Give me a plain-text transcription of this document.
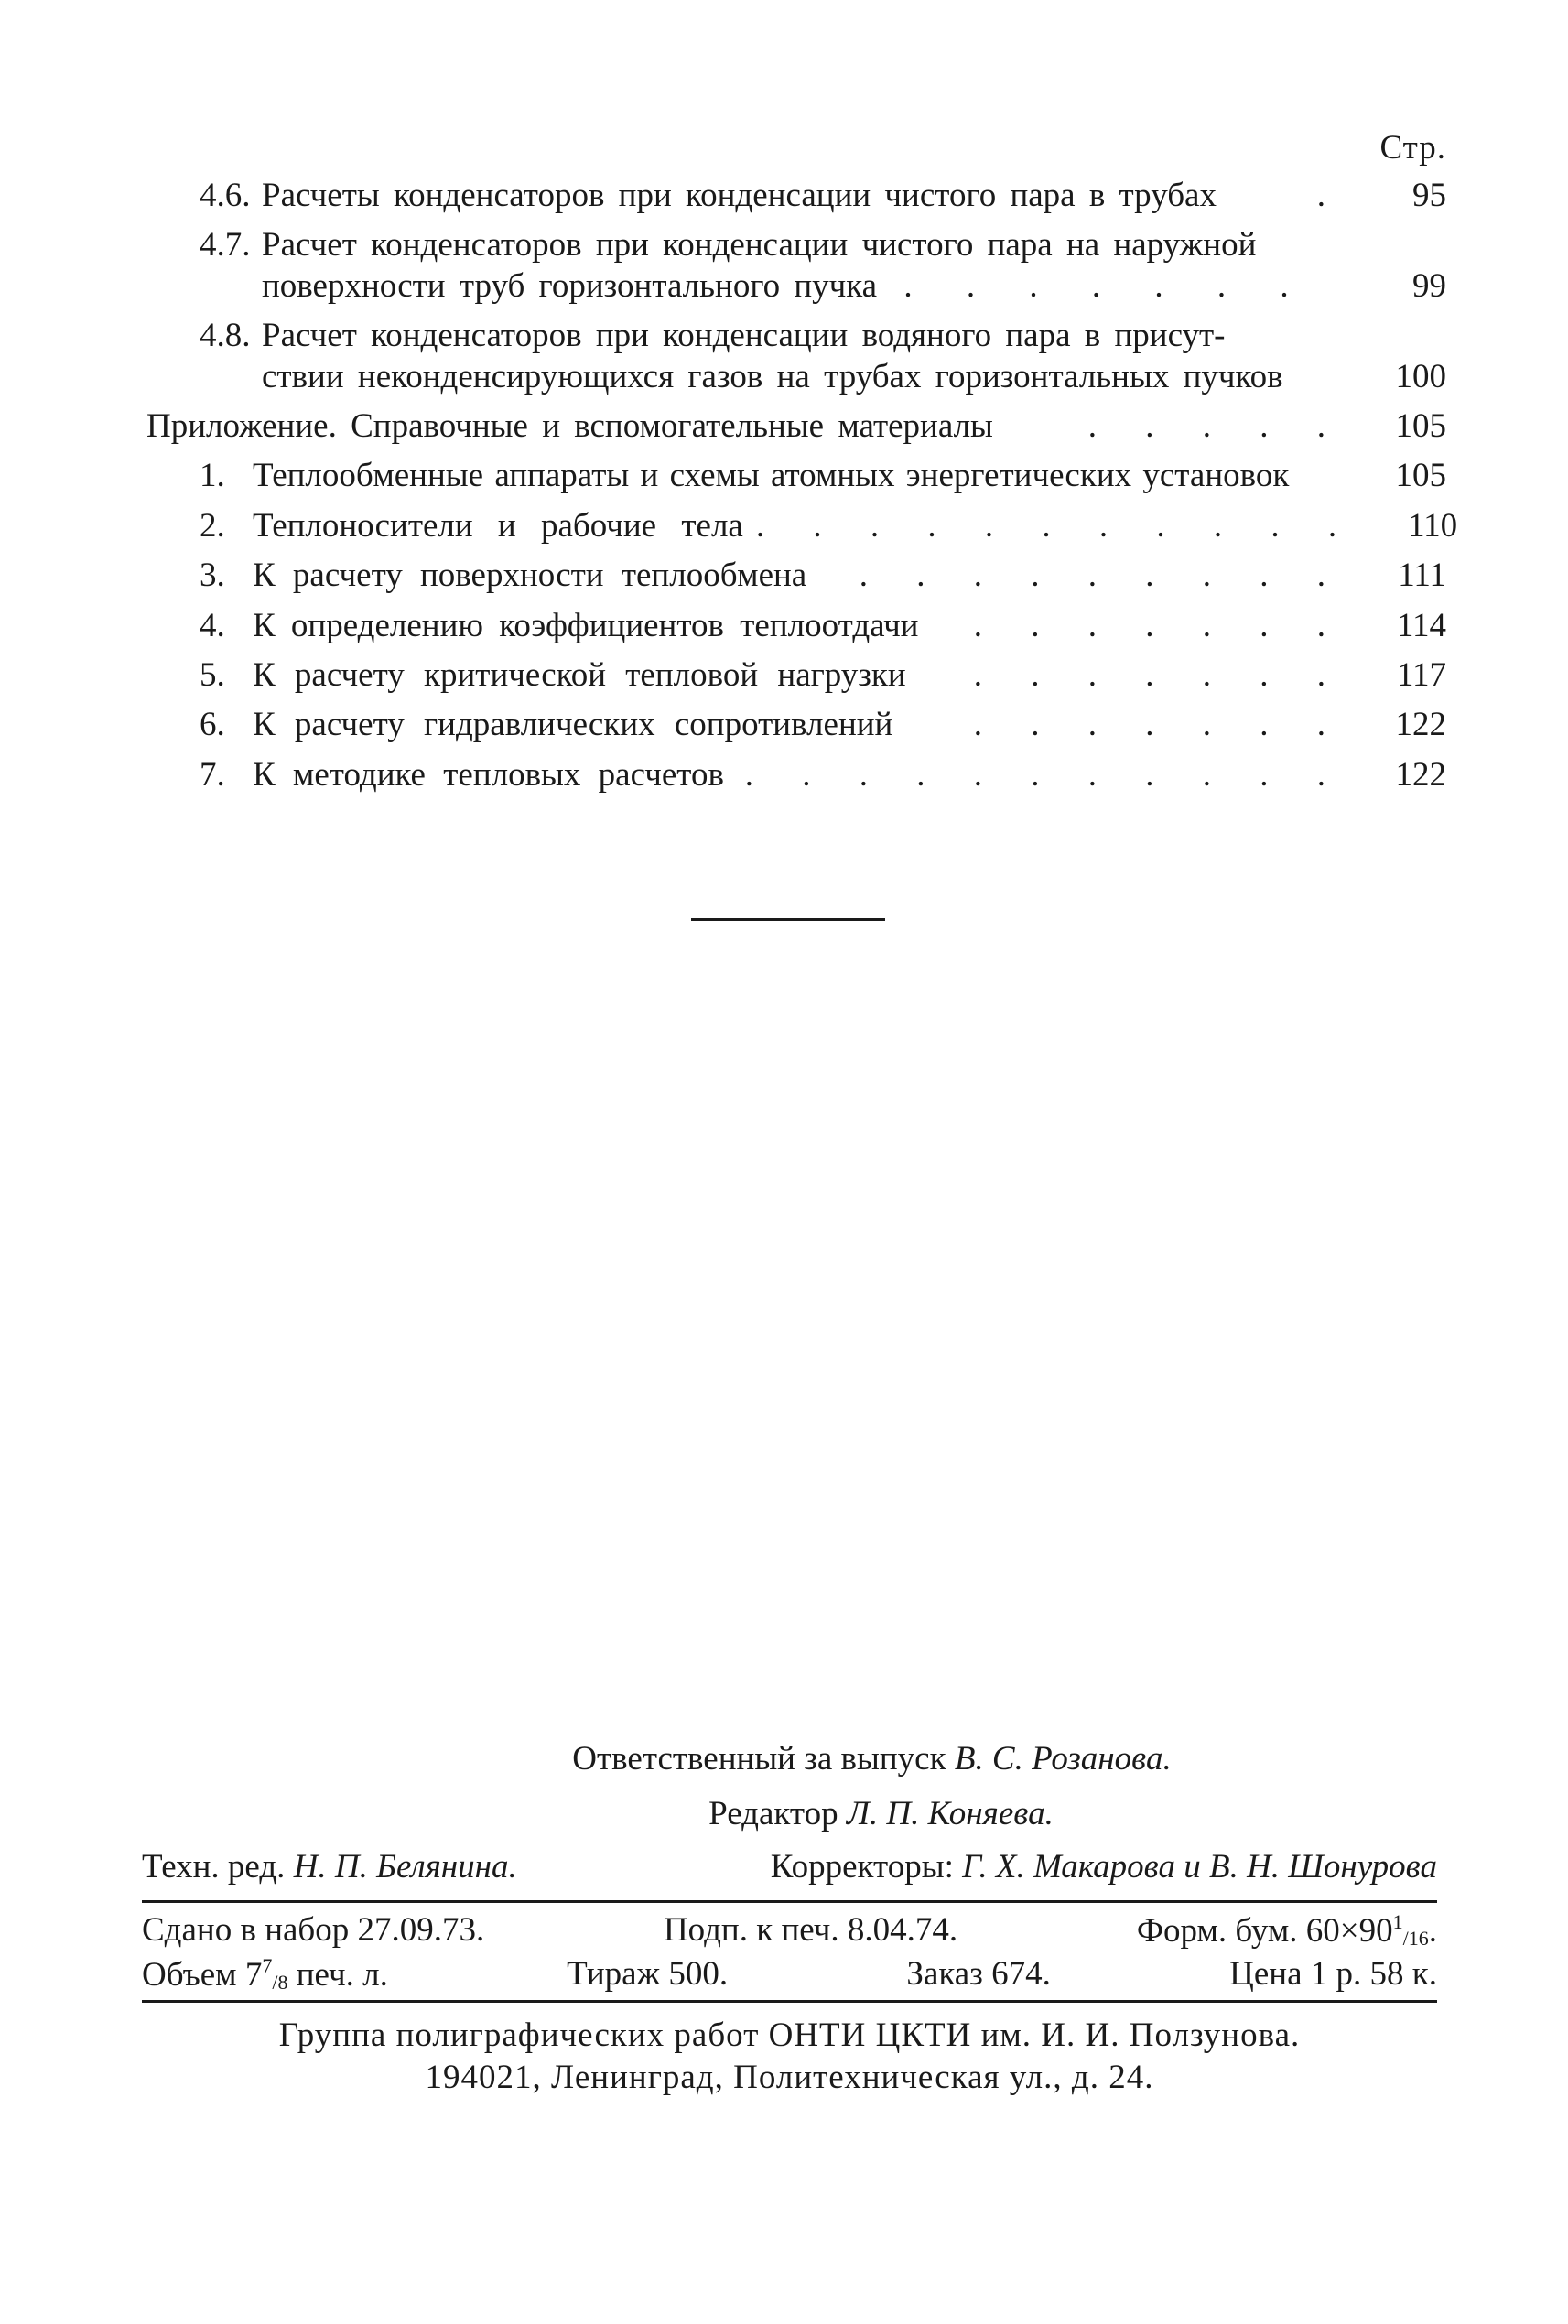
Стр.
4.6. Расчеты конденсаторов при конденсации чистого пара в трубах	.	95
4.7. Расчет конденсаторов при конденсации чистого пара на наружной
поверхности труб горизонтального пучка . . . . . . .	99
4.8. Расчет конденсаторов при конденсации водяного пара в присут-
ствии неконденсирующихся газов на трубах горизонтальных пучков	100
Приложение. Справочные и вспомогательные материалы	. . . . .	105
1. Теплообменные аппараты и схемы атомных энергетических установок	105
2. Теплоносители и рабочие тела . . . . . . . . . . .	110
3. К расчету поверхности теплообмена	. . . . . . . . .	111
4. К определению коэффициентов теплоотдачи	. . . . . . .	114
5. К расчету критической тепловой нагрузки	. . . . . . .	117
6. К расчету гидравлических сопротивлений	. . . . . . .	122
7. К методике тепловых расчетов . . . . . . . . . . .	122
Ответственный за выпуск В. С. Розанова.
Редактор Л. П. Коняева.
Техн. ред. Н. П. Белянина.	Корректоры: Г. Х. Макарова и В. Н. Шонурова
Сдано в набор 27.09.73.	Подп. к печ. 8.04.74.	Форм. бум. $60\times 90^1/16$.
Объем $7^7/8$ печ. л.	Тираж 500.	Заказ 674.	Цена 1 р. 58 к.
Группа полиграфических работ ОНТИ ЦКТИ им. И. И. Ползунова.
194021, Ленинград, Политехническая ул., д. 24.
